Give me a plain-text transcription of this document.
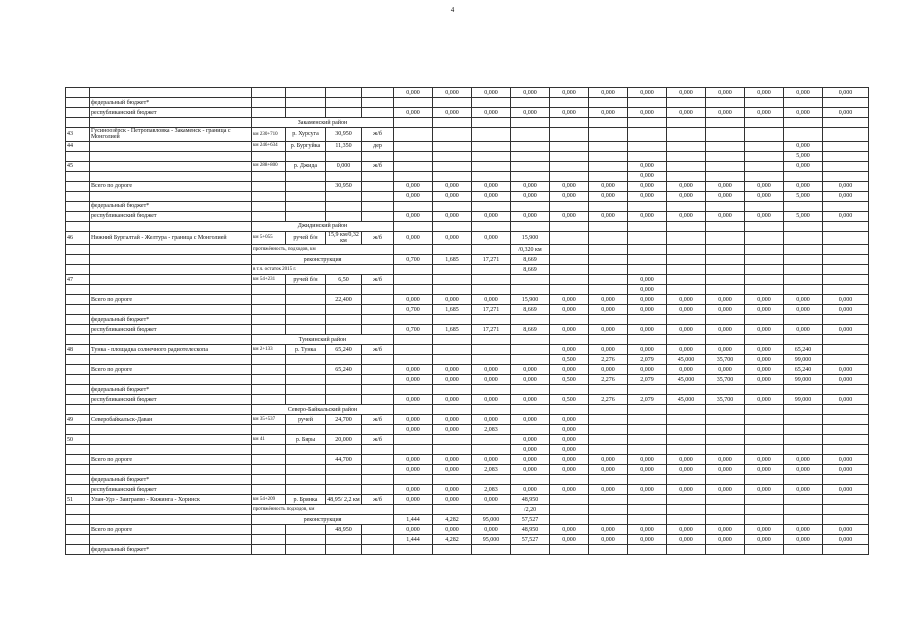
4
						0,000	0,000	0,000	0,000	0,000	0,000	0,000	0,000	0,000	0,000	0,000	0,000
	федеральный бюджет*																
	республиканский бюджет					0,000	0,000	0,000	0,000	0,000	0,000	0,000	0,000	0,000	0,000	0,000	0,000
		Закаменский район															
43	Гусиноозёрск - Петропавловка - Закаменск - граница с Монголией	км 230+710	р. Хурсуга	30,950	ж/б												
44		км 246+634	р. Бургуйка	11,350	дер											0,000	
																5,000	
45		км 288+800	р. Джида	0,000	ж/б							0,000				0,000	
												0,000					
	Всего по дороге			30,950		0,000	0,000	0,000	0,000	0,000	0,000	0,000	0,000	0,000	0,000	0,000	0,000
						0,000	0,000	0,000	0,000	0,000	0,000	0,000	0,000	0,000	0,000	5,000	0,000
	федеральный бюджет*																
	республиканский бюджет					0,000	0,000	0,000	0,000	0,000	0,000	0,000	0,000	0,000	0,000	5,000	0,000
		Джидинский район															
46	Нижний Бургалтай - Желтура - граница с Монголией	км 5+055	ручей б/н	15,9 км/0,32 км	ж/б	0,000	0,000	0,000	15,900								
		протяжённость, подходов, км							/0,320 км								
		реконструкция				0,700	1,685	17,271	8,669								
		в т.ч. остаток 2015 г.							8,669								
47		км 54+231	ручей б/н	6,50	ж/б							0,000					
												0,000					
	Всего по дороге			22,400		0,000	0,000	0,000	15,900	0,000	0,000	0,000	0,000	0,000	0,000	0,000	0,000
						0,700	1,685	17,271	8,669	0,000	0,000	0,000	0,000	0,000	0,000	0,000	0,000
	федеральный бюджет*																
	республиканский бюджет					0,700	1,685	17,271	8,669	0,000	0,000	0,000	0,000	0,000	0,000	0,000	0,000
		Тункинский район															
48	Тунка - площадка солнечного радиотелескопа	км 2+133	р. Тунка	65,240	ж/б					0,000	0,000	0,000	0,000	0,000	0,000	65,240	
										0,500	2,276	2,079	45,000	35,700	0,000	99,000	
	Всего по дороге			65,240		0,000	0,000	0,000	0,000	0,000	0,000	0,000	0,000	0,000	0,000	65,240	0,000
						0,000	0,000	0,000	0,000	0,500	2,276	2,079	45,000	35,700	0,000	99,000	0,000
	федеральный бюджет*																
	республиканский бюджет					0,000	0,000	0,000	0,000	0,500	2,276	2,079	45,000	35,700	0,000	99,000	0,000
		Северо-Байкальский район															
49	Северобайкальск-Даван	км 35+537	ручей	24,700	ж/б	0,000	0,000	0,000	0,000	0,000							
						0,000	0,000	2,083		0,000							
50		км 41	р. Бяры	20,000	ж/б				0,000	0,000							
									0,000	0,000							
	Всего по дороге			44,700		0,000	0,000	0,000	0,000	0,000	0,000	0,000	0,000	0,000	0,000	0,000	0,000
						0,000	0,000	2,083	0,000	0,000	0,000	0,000	0,000	0,000	0,000	0,000	0,000
	федеральный бюджет*																
	республиканский бюджет					0,000	0,000	2,083	0,000	0,000	0,000	0,000	0,000	0,000	0,000	0,000	0,000
51	Улан-Удэ - Заиграево - Кижинга - Хоринск	км 54+209	р. Брянка	48,95/ 2,2 км	ж/б	0,000	0,000	0,000	48,950								
		протяжённость подходов, км							/2,20								
		реконструкция				1,444	4,282	95,000	57,527								
	Всего по дороге			48,950		0,000	0,000	0,000	48,950	0,000	0,000	0,000	0,000	0,000	0,000	0,000	0,000
						1,444	4,282	95,000	57,527	0,000	0,000	0,000	0,000	0,000	0,000	0,000	0,000
	федеральный бюджет*																
